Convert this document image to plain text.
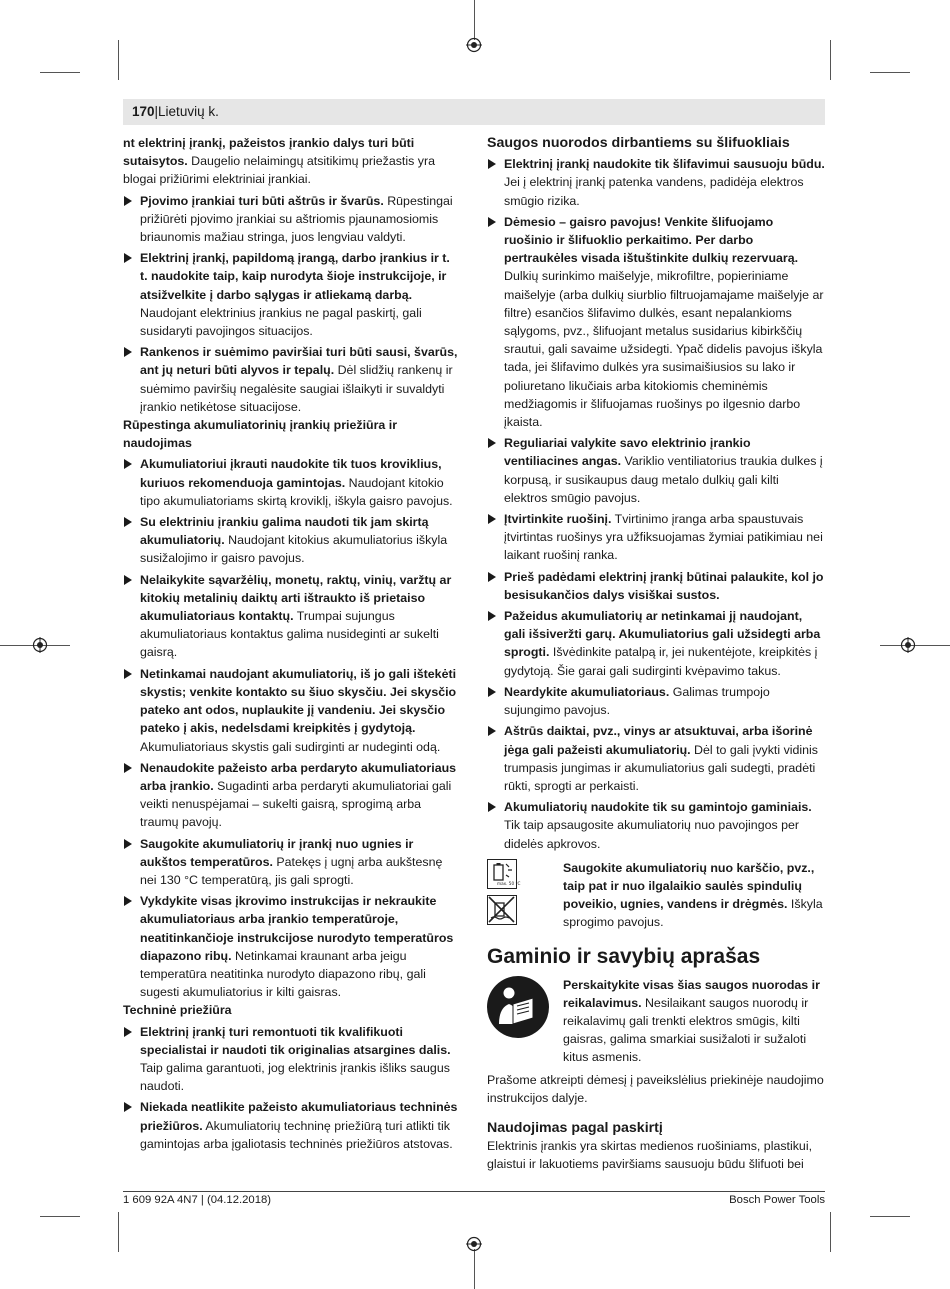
170|Lietuvių k.

nt elektrinį įrankį, pažeistos įrankio dalys turi būti sutaisytos. Daugelio nelaimingų atsitikimų priežastis yra blogai prižiūrimi elektriniai įrankiai.

Pjovimo įrankiai turi būti aštrūs ir švarūs. Rūpestingai prižiūrėti pjovimo įrankiai su aštriomis pjaunamosiomis briaunomis mažiau stringa, juos lengviau valdyti.
Elektrinį įrankį, papildomą įrangą, darbo įrankius ir t. t. naudokite taip, kaip nurodyta šioje instrukcijoje, ir atsižvelkite į darbo sąlygas ir atliekamą darbą. Naudojant elektrinius įrankius ne pagal paskirtį, gali susidaryti pavojingos situacijos.
Rankenos ir suėmimo paviršiai turi būti sausi, švarūs, ant jų neturi būti alyvos ir tepalų. Dėl slidžių rankenų ir suėmimo paviršių negalėsite saugiai išlaikyti ir suvaldyti įrankio netikėtose situacijose.

Rūpestinga akumuliatorinių įrankių priežiūra ir naudojimas

Akumuliatoriui įkrauti naudokite tik tuos kroviklius, kuriuos rekomenduoja gamintojas. Naudojant kitokio tipo akumuliatoriams skirtą kroviklį, iškyla gaisro pavojus.
Su elektriniu įrankiu galima naudoti tik jam skirtą akumuliatorių. Naudojant kitokius akumuliatorius iškyla susižalojimo ir gaisro pavojus.
Nelaikykite sąvaržėlių, monetų, raktų, vinių, varžtų ar kitokių metalinių daiktų arti ištraukto iš prietaiso akumuliatoriaus kontaktų. Trumpai sujungus akumuliatoriaus kontaktus galima nusideginti ar sukelti gaisrą.
Netinkamai naudojant akumuliatorių, iš jo gali ištekėti skystis; venkite kontakto su šiuo skysčiu. Jei skysčio pateko ant odos, nuplaukite jį vandeniu. Jei skysčio pateko į akis, nedelsdami kreipkitės į gydytoją. Akumuliatoriaus skystis gali sudirginti ar nudeginti odą.
Nenaudokite pažeisto arba perdaryto akumuliatoriaus arba įrankio. Sugadinti arba perdaryti akumuliatoriai gali veikti nenuspėjamai – sukelti gaisrą, sprogimą arba traumų pavojų.
Saugokite akumuliatorių ir įrankį nuo ugnies ir aukštos temperatūros. Patekęs į ugnį arba aukštesnę nei 130 °C temperatūrą, jis gali sprogti.
Vykdykite visas įkrovimo instrukcijas ir nekraukite akumuliatoriaus arba įrankio temperatūroje, neatitinkančioje instrukcijose nurodyto temperatūros diapazono ribų. Netinkamai kraunant arba jeigu temperatūra neatitinka nurodyto diapazono ribų, gali sugesti akumuliatorius ir kilti gaisras.

Techninė priežiūra

Elektrinį įrankį turi remontuoti tik kvalifikuoti specialistai ir naudoti tik originalias atsargines dalis. Taip galima garantuoti, jog elektrinis įrankis išliks saugus naudoti.
Niekada neatlikite pažeisto akumuliatoriaus techninės priežiūros. Akumuliatorių techninę priežiūrą turi atlikti tik gamintojas arba įgaliotasis techninės priežiūros atstovas.

Saugos nuorodos dirbantiems su šlifuokliais

Elektrinį įrankį naudokite tik šlifavimui sausuoju būdu. Jei į elektrinį įrankį patenka vandens, padidėja elektros smūgio rizika.
Dėmesio – gaisro pavojus! Venkite šlifuojamo ruošinio ir šlifuoklio perkaitimo. Per darbo pertraukėles visada ištuštinkite dulkių rezervuarą. Dulkių surinkimo maišelyje, mikrofiltre, popieriniame maišelyje (arba dulkių siurblio filtruojamajame maišelyje ar filtre) esančios šlifavimo dulkės, esant nepalankioms sąlygoms, pvz., šlifuojant metalus susidarius kibirkščių srautui, gali savaime užsidegti. Ypač didelis pavojus iškyla tada, jei šlifavimo dulkės yra susimaišiusios su lako ir poliuretano likučiais arba kitokiomis cheminėmis medžiagomis ir šlifuojamas ruošinys po ilgesnio darbo įkaista.
Reguliariai valykite savo elektrinio įrankio ventiliacines angas. Variklio ventiliatorius traukia dulkes į korpusą, ir susikaupus daug metalo dulkių gali kilti elektros smūgio pavojus.
Įtvirtinkite ruošinį. Tvirtinimo įranga arba spaustuvais įtvirtintas ruošinys yra užfiksuojamas žymiai patikimiau nei laikant ruošinį ranka.
Prieš padėdami elektrinį įrankį būtinai palaukite, kol jo besisukančios dalys visiškai sustos.
Pažeidus akumuliatorių ar netinkamai jį naudojant, gali išsiveržti garų. Akumuliatorius gali užsidegti arba sprogti. Išvėdinkite patalpą ir, jei nukentėjote, kreipkitės į gydytoją. Šie garai gali sudirginti kvėpavimo takus.
Neardykite akumuliatoriaus. Galimas trumpojo sujungimo pavojus.
Aštrūs daiktai, pvz., vinys ar atsuktuvai, arba išorinė jėga gali pažeisti akumuliatorių. Dėl to gali įvykti vidinis trumpasis jungimas ir akumuliatorius gali sudegti, pradėti rūkti, sprogti ar perkaisti.
Akumuliatorių naudokite tik su gamintojo gaminiais. Tik taip apsaugosite akumuliatorių nuo pavojingos per didelės apkrovos.
max. 50 °C

Saugokite akumuliatorių nuo karščio, pvz., taip pat ir nuo ilgalaikio saulės spindulių poveikio, ugnies, vandens ir drėgmės. Iškyla sprogimo pavojus.

Gaminio ir savybių aprašas

Perskaitykite visas šias saugos nuorodas ir reikalavimus. Nesilaikant saugos nuorodų ir reikalavimų gali trenkti elektros smūgis, kilti gaisras, galima smarkiai susižaloti ir sužaloti kitus asmenis.

Prašome atkreipti dėmesį į paveikslėlius priekinėje naudojimo instrukcijos dalyje.

Naudojimas pagal paskirtį

Elektrinis įrankis yra skirtas medienos ruošiniams, plastikui, glaistui ir lakuotiems paviršiams sausuoju būdu šlifuoti bei

1 609 92A 4N7 | (04.12.2018)	Bosch Power Tools
